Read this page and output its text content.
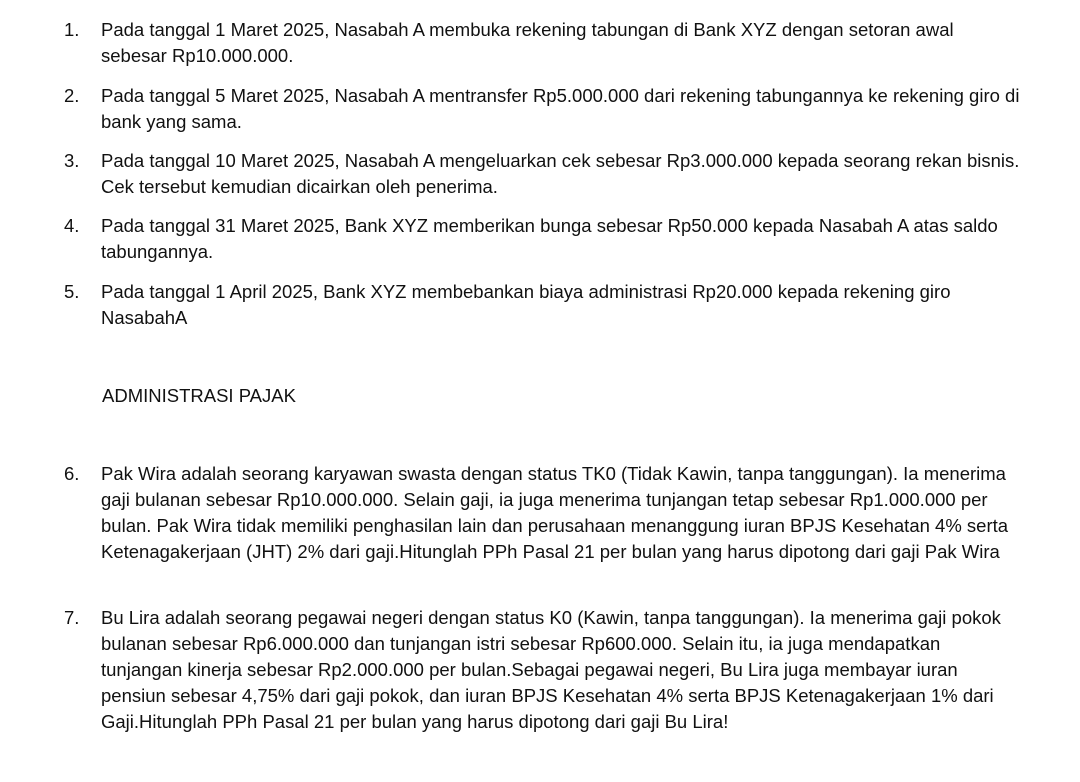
1.	Pada tanggal 1 Maret 2025, Nasabah A membuka rekening tabungan di Bank XYZ dengan setoran awal sebesar Rp10.000.000.
2.	Pada tanggal 5 Maret 2025, Nasabah A mentransfer Rp5.000.000 dari rekening tabungannya ke rekening giro di bank yang sama.
3.	Pada tanggal 10 Maret 2025, Nasabah A mengeluarkan cek sebesar Rp3.000.000 kepada seorang rekan bisnis. Cek tersebut kemudian dicairkan oleh penerima.
4.	Pada tanggal 31 Maret 2025, Bank XYZ memberikan bunga sebesar Rp50.000 kepada Nasabah A atas saldo tabungannya.
5.	Pada tanggal 1 April 2025, Bank XYZ membebankan biaya administrasi Rp20.000 kepada rekening giro NasabahA
ADMINISTRASI PAJAK
6.	Pak Wira adalah seorang karyawan swasta dengan status TK0 (Tidak Kawin, tanpa tanggungan). Ia menerima gaji bulanan sebesar Rp10.000.000. Selain gaji, ia juga menerima tunjangan tetap sebesar Rp1.000.000 per bulan. Pak Wira tidak memiliki penghasilan lain dan perusahaan menanggung iuran BPJS Kesehatan 4% serta Ketenagakerjaan (JHT) 2% dari gaji.Hitunglah PPh Pasal 21 per bulan yang harus dipotong dari gaji Pak Wira
7.	Bu Lira adalah seorang pegawai negeri dengan status K0 (Kawin, tanpa tanggungan). Ia menerima gaji pokok bulanan sebesar Rp6.000.000 dan tunjangan istri sebesar Rp600.000. Selain itu, ia juga mendapatkan tunjangan kinerja sebesar Rp2.000.000 per bulan.Sebagai pegawai negeri, Bu Lira juga membayar iuran pensiun sebesar 4,75% dari gaji pokok, dan iuran BPJS Kesehatan 4% serta BPJS Ketenagakerjaan 1% dari Gaji.Hitunglah PPh Pasal 21 per bulan yang harus dipotong dari gaji Bu Lira!
